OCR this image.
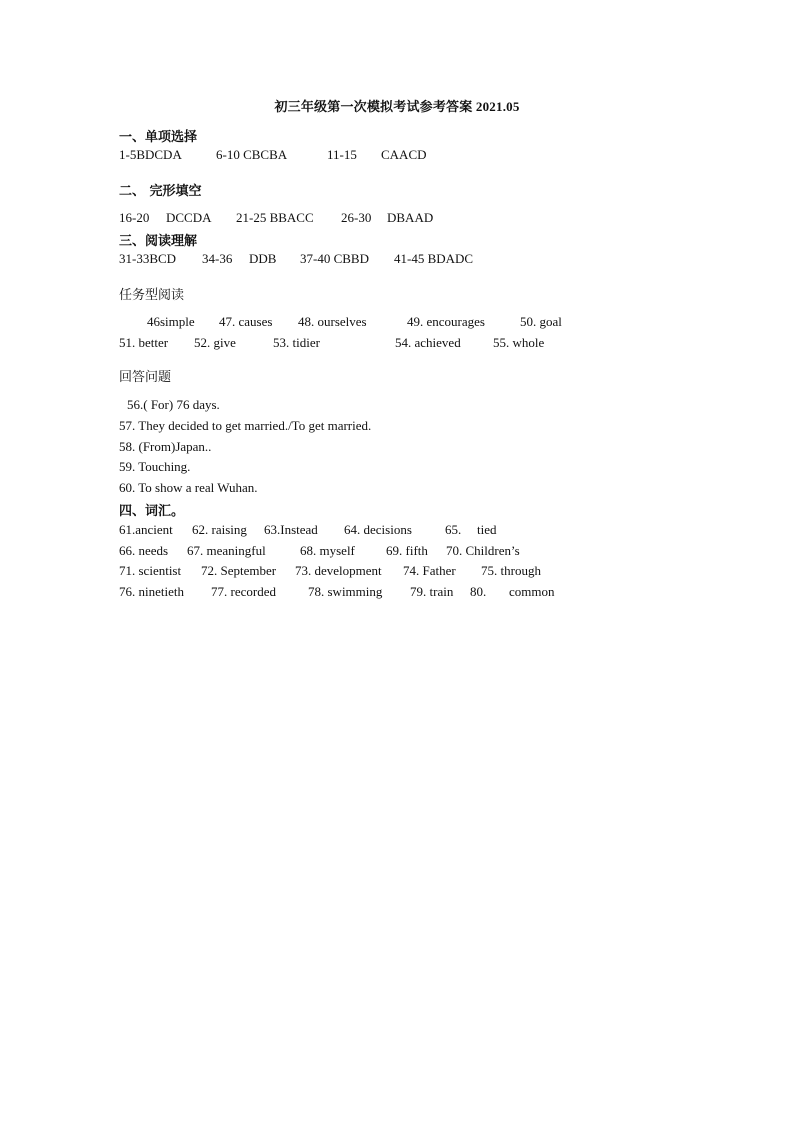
初三年级第一次模拟考试参考答案 2021.05
一、单项选择
1-5BDCDA	6-10 CBCBA	11-15 CAACD
二、 完形填空
16-20 DCCDA 21-25 BBACC 26-30 DBAAD
三、阅读理解
31-33BCD 34-36 DDB 37-40 CBBD 41-45 BDADC
任务型阅读
46simple 47. causes 48. ourselves	49. encourages	50. goal
51. better 52. give	53. tidier	54. achieved 55. whole
回答问题
56.( For) 76 days.
57. They decided to get married./To get married.
58. (From)Japan..
59. Touching.
60. To show a real Wuhan.
四、词汇。
61.ancient 62. raising 63.Instead 64. decisions	65. tied
66. needs 67. meaningful	68. myself 69. fifth 70. Children’s
71. scientist 72. September 73. development 74. Father 75. through
76. ninetieth 77. recorded 78. swimming 79. train 80. common
